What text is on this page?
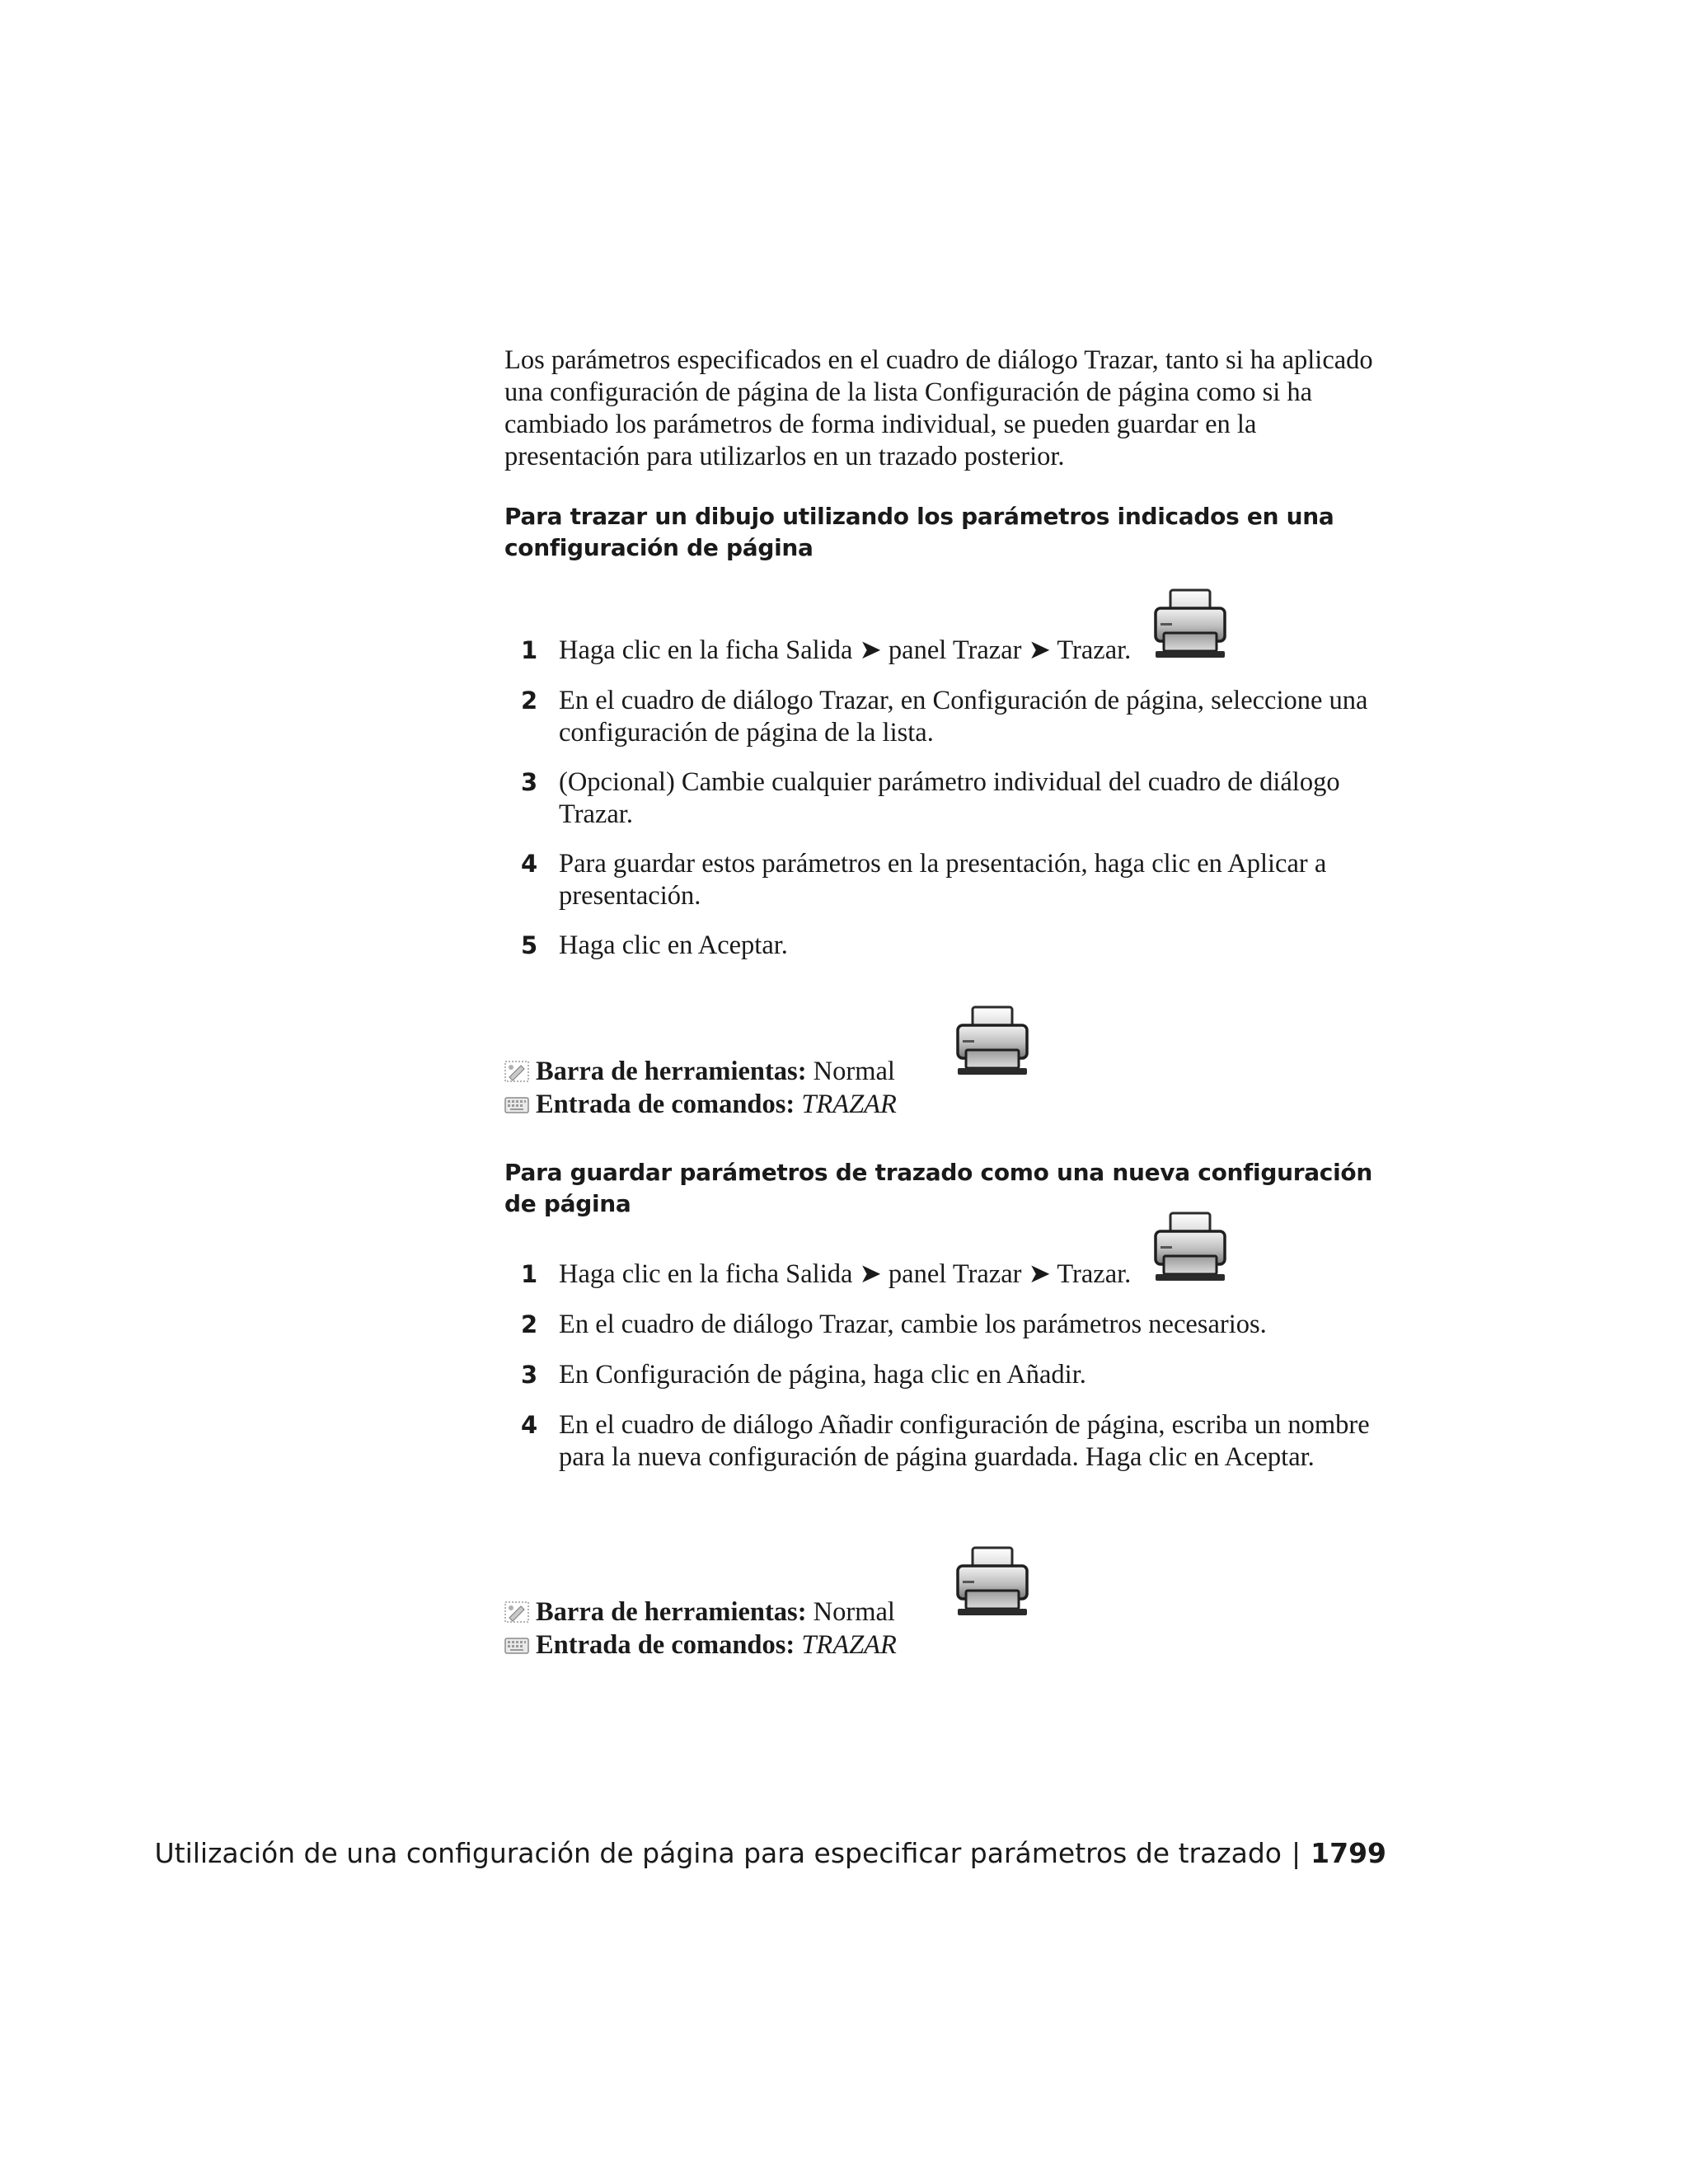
Los parámetros especificados en el cuadro de diálogo Trazar, tanto si ha aplicado una configuración de página de la lista Configuración de página como si ha cambiado los parámetros de forma individual, se pueden guardar en la presentación para utilizarlos en un trazado posterior.
Para trazar un dibujo utilizando los parámetros indicados en una configuración de página
1 Haga clic en la ficha Salida ➤ panel Trazar ➤ Trazar.
2 En el cuadro de diálogo Trazar, en Configuración de página, seleccione una configuración de página de la lista.
3 (Opcional) Cambie cualquier parámetro individual del cuadro de diálogo Trazar.
4 Para guardar estos parámetros en la presentación, haga clic en Aplicar a presentación.
5 Haga clic en Aceptar.
Barra de herramientas: Normal
Entrada de comandos: TRAZAR
Para guardar parámetros de trazado como una nueva configuración de página
1 Haga clic en la ficha Salida ➤ panel Trazar ➤ Trazar.
2 En el cuadro de diálogo Trazar, cambie los parámetros necesarios.
3 En Configuración de página, haga clic en Añadir.
4 En el cuadro de diálogo Añadir configuración de página, escriba un nombre para la nueva configuración de página guardada. Haga clic en Aceptar.
Barra de herramientas: Normal
Entrada de comandos: TRAZAR
Utilización de una configuración de página para especificar parámetros de trazado | 1799
